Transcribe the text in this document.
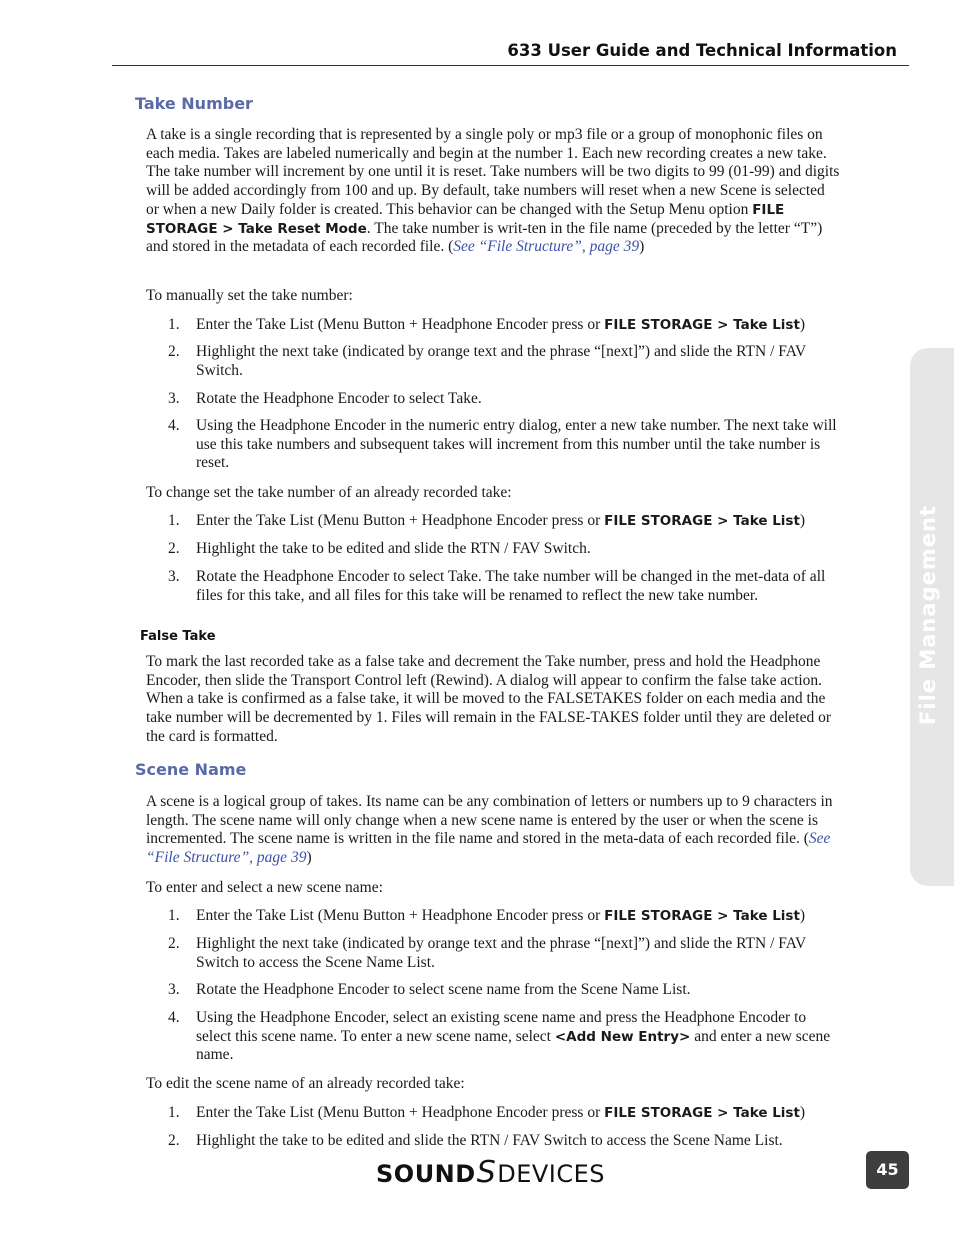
633 User Guide and Technical Information
File Management
Take Number

A take is a single recording that is represented by a single poly or mp3 file or a group of monophonic files on each media. Takes are labeled numerically and begin at the number 1. Each new recording creates a new take. The take number will increment by one until it is reset. Take numbers will be two digits to 99 (01-99) and digits will be added accordingly from 100 and up. By default, take numbers will reset when a new Scene is selected or when a new Daily folder is created. This behavior can be changed with the Setup Menu option FILE STORAGE > Take Reset Mode. The take number is writ-ten in the file name (preceded by the letter “T”) and stored in the metadata of each recorded file. (See “File Structure”, page 39)

To manually set the take number:

1. Enter the Take List (Menu Button + Headphone Encoder press or FILE STORAGE > Take List)
2. Highlight the next take (indicated by orange text and the phrase “[next]”) and slide the RTN / FAV Switch.
3. Rotate the Headphone Encoder to select Take.
4. Using the Headphone Encoder in the numeric entry dialog, enter a new take number. The next take will use this take numbers and subsequent takes will increment from this number until the take number is reset.

To change set the take number of an already recorded take:

1. Enter the Take List (Menu Button + Headphone Encoder press or FILE STORAGE > Take List)
2. Highlight the take to be edited and slide the RTN / FAV Switch.
3. Rotate the Headphone Encoder to select Take. The take number will be changed in the met-data of all files for this take, and all files for this take will be renamed to reflect the new take number.
False Take

To mark the last recorded take as a false take and decrement the Take number, press and hold the Headphone Encoder, then slide the Transport Control left (Rewind). A dialog will appear to confirm the false take action. When a take is confirmed as a false take, it will be moved to the FALSETAKES folder on each media and the take number will be decremented by 1. Files will remain in the FALSE-TAKES folder until they are deleted or the card is formatted.

Scene Name

A scene is a logical group of takes. Its name can be any combination of letters or numbers up to 9 characters in length. The scene name will only change when a new scene name is entered by the user or when the scene is incremented. The scene name is written in the file name and stored in the meta-data of each recorded file. (See “File Structure”, page 39)

To enter and select a new scene name:

1. Enter the Take List (Menu Button + Headphone Encoder press or FILE STORAGE > Take List)
2. Highlight the next take (indicated by orange text and the phrase “[next]”) and slide the RTN / FAV Switch to access the Scene Name List.
3. Rotate the Headphone Encoder to select scene name from the Scene Name List.
4. Using the Headphone Encoder, select an existing scene name and press the Headphone Encoder to select this scene name. To enter a new scene name, select <Add New Entry> and enter a new scene name.

To edit the scene name of an already recorded take:

1. Enter the Take List (Menu Button + Headphone Encoder press or FILE STORAGE > Take List)
2. Highlight the take to be edited and slide the RTN / FAV Switch to access the Scene Name List.
SOUNDSDEVICES	45
